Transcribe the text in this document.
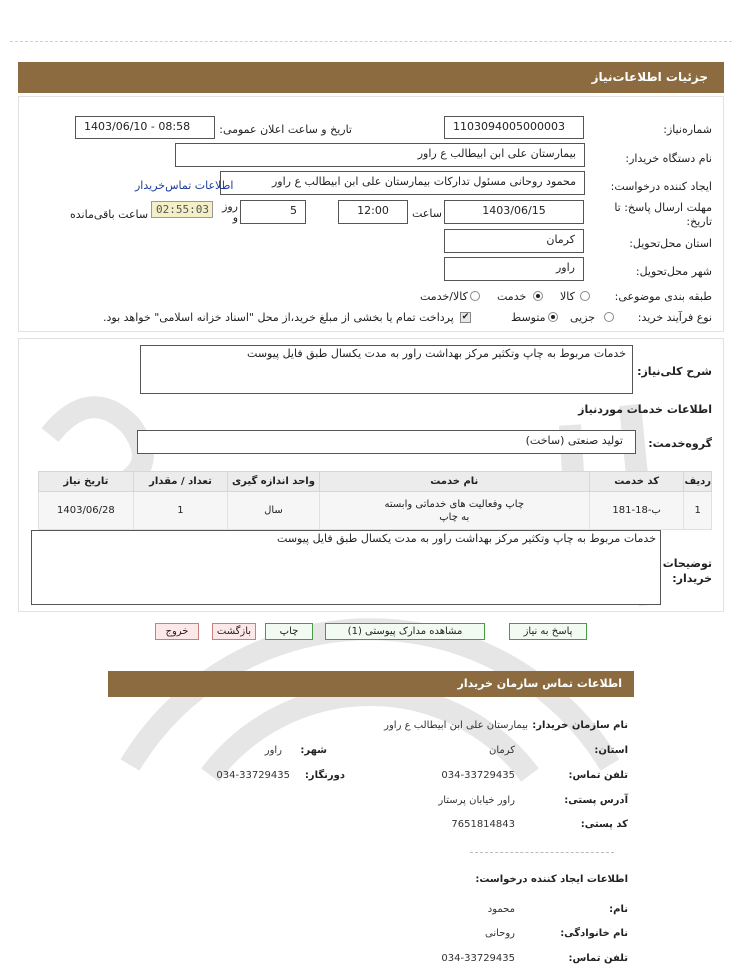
جزئیات اطلاعات‌نیاز
شماره‌نیاز:
1103094005000003
تاریخ و ساعت اعلان عمومی:
1403/06/10 - 08:58
نام دستگاه خریدار:
بیمارستان علی ابن ابیطالب ع راور
ایجاد کننده درخواست:
محمود روحانی مسئول تدارکات بیمارستان علی ابن ابیطالب ع راور
اطلاعات تماس‌خریدار
مهلت ارسال پاسخ: تا تاریخ:
1403/06/15
ساعت
12:00
5
روز و
02:55:03
ساعت باقی‌مانده
استان محل‌تحویل:
کرمان
شهر محل‌تحویل:
راور
طبقه بندی موضوعی:
کالا
خدمت
کالا/خدمت
نوع فرآیند خرید:
جزیی
متوسط
✔
پرداخت تمام یا بخشی از مبلغ خرید،از محل "اسناد خزانه اسلامی" خواهد بود.
شرح کلی‌نیاز:
خدمات مربوط به چاپ وتکثیر مرکز بهداشت راور به مدت یکسال طبق فایل پیوست
اطلاعات خدمات موردنیاز
گروه‌خدمت:
تولید صنعتی (ساخت)
ردیف	کد خدمت	نام خدمت	واحد اندازه گیری	تعداد / مقدار	تاریخ نیاز
1	ب-18-181	چاپ وفعالیت های خدماتی وابسته به چاپ	سال	1	1403/06/28
توضیحات خریدار:
خدمات مربوط به چاپ وتکثیر مرکز بهداشت راور به مدت یکسال طبق فایل پیوست
پاسخ به نیاز
مشاهده مدارک پیوستی (1)
چاپ
بازگشت
خروج
اطلاعات تماس سازمان خریدار
نام سازمان خریدار:
بیمارستان علی ابن ابیطالب ع راور
استان:
کرمان
شهر:
راور
تلفن تماس:
034-33729435
دورنگار:
034-33729435
آدرس پستی:
راور خیابان پرستار
کد پستی:
7651814843
اطلاعات ایجاد کننده درخواست:
نام:
محمود
نام خانوادگی:
روحانی
تلفن تماس:
034-33729435
